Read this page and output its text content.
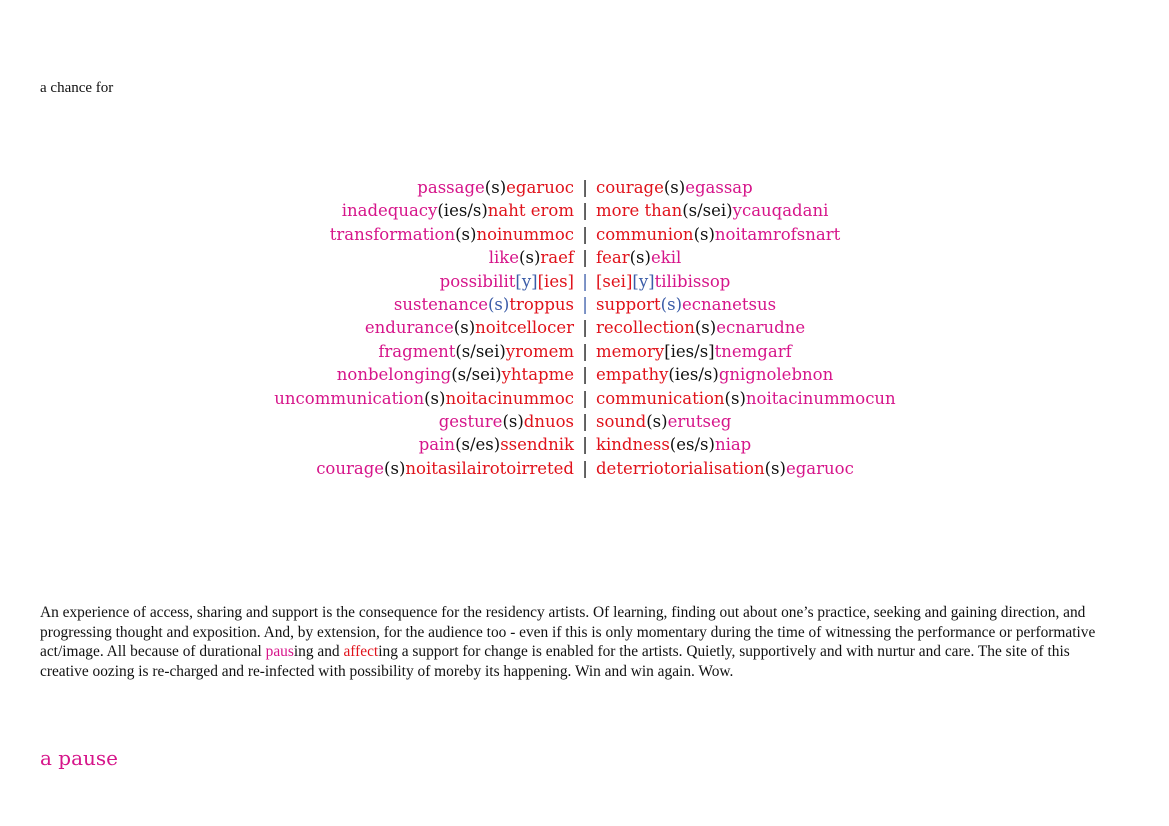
a chance for
passage(s)egaruoc | courage(s)egassap
inadequacy(ies/s)naht erom | more than(s/sei)ycauqadani
transformation(s)noinummoc | communion(s)noitamrofsnart
like(s)raef | fear(s)ekil
possibilit[y][ies] | [sei][y]tilibissop
sustenance(s)troppus | support(s)ecnanetsus
endurance(s)noitcellocer | recollection(s)ecnarudne
fragment(s/sei)yromem | memory[ies/s]tnemgarf
nonbelonging(s/sei)yhtapme | empathy(ies/s)gnignolebnon
uncommunication(s)noitacinummoc | communication(s)noitacinummocun
gesture(s)dnuos | sound(s)erutseg
pain(s/es)ssendnik | kindness(es/s)niap
courage(s)noitasilairotoirreted | deterriotorialisation(s)egaruoc
An experience of access, sharing and support is the consequence for the residency artists. Of learning, finding out about one’s practice, seeking and gaining direction, and progressing thought and exposition. And, by extension, for the audience too - even if this is only momentary during the time of witnessing the performance or performative act/image. All because of durational pausing and affecting a support for change is enabled for the artists. Quietly, supportively and with nurtur and care. The site of this creative oozing is re-charged and re-infected with possibility of moreby its happening. Win and win again. Wow.
a pause
